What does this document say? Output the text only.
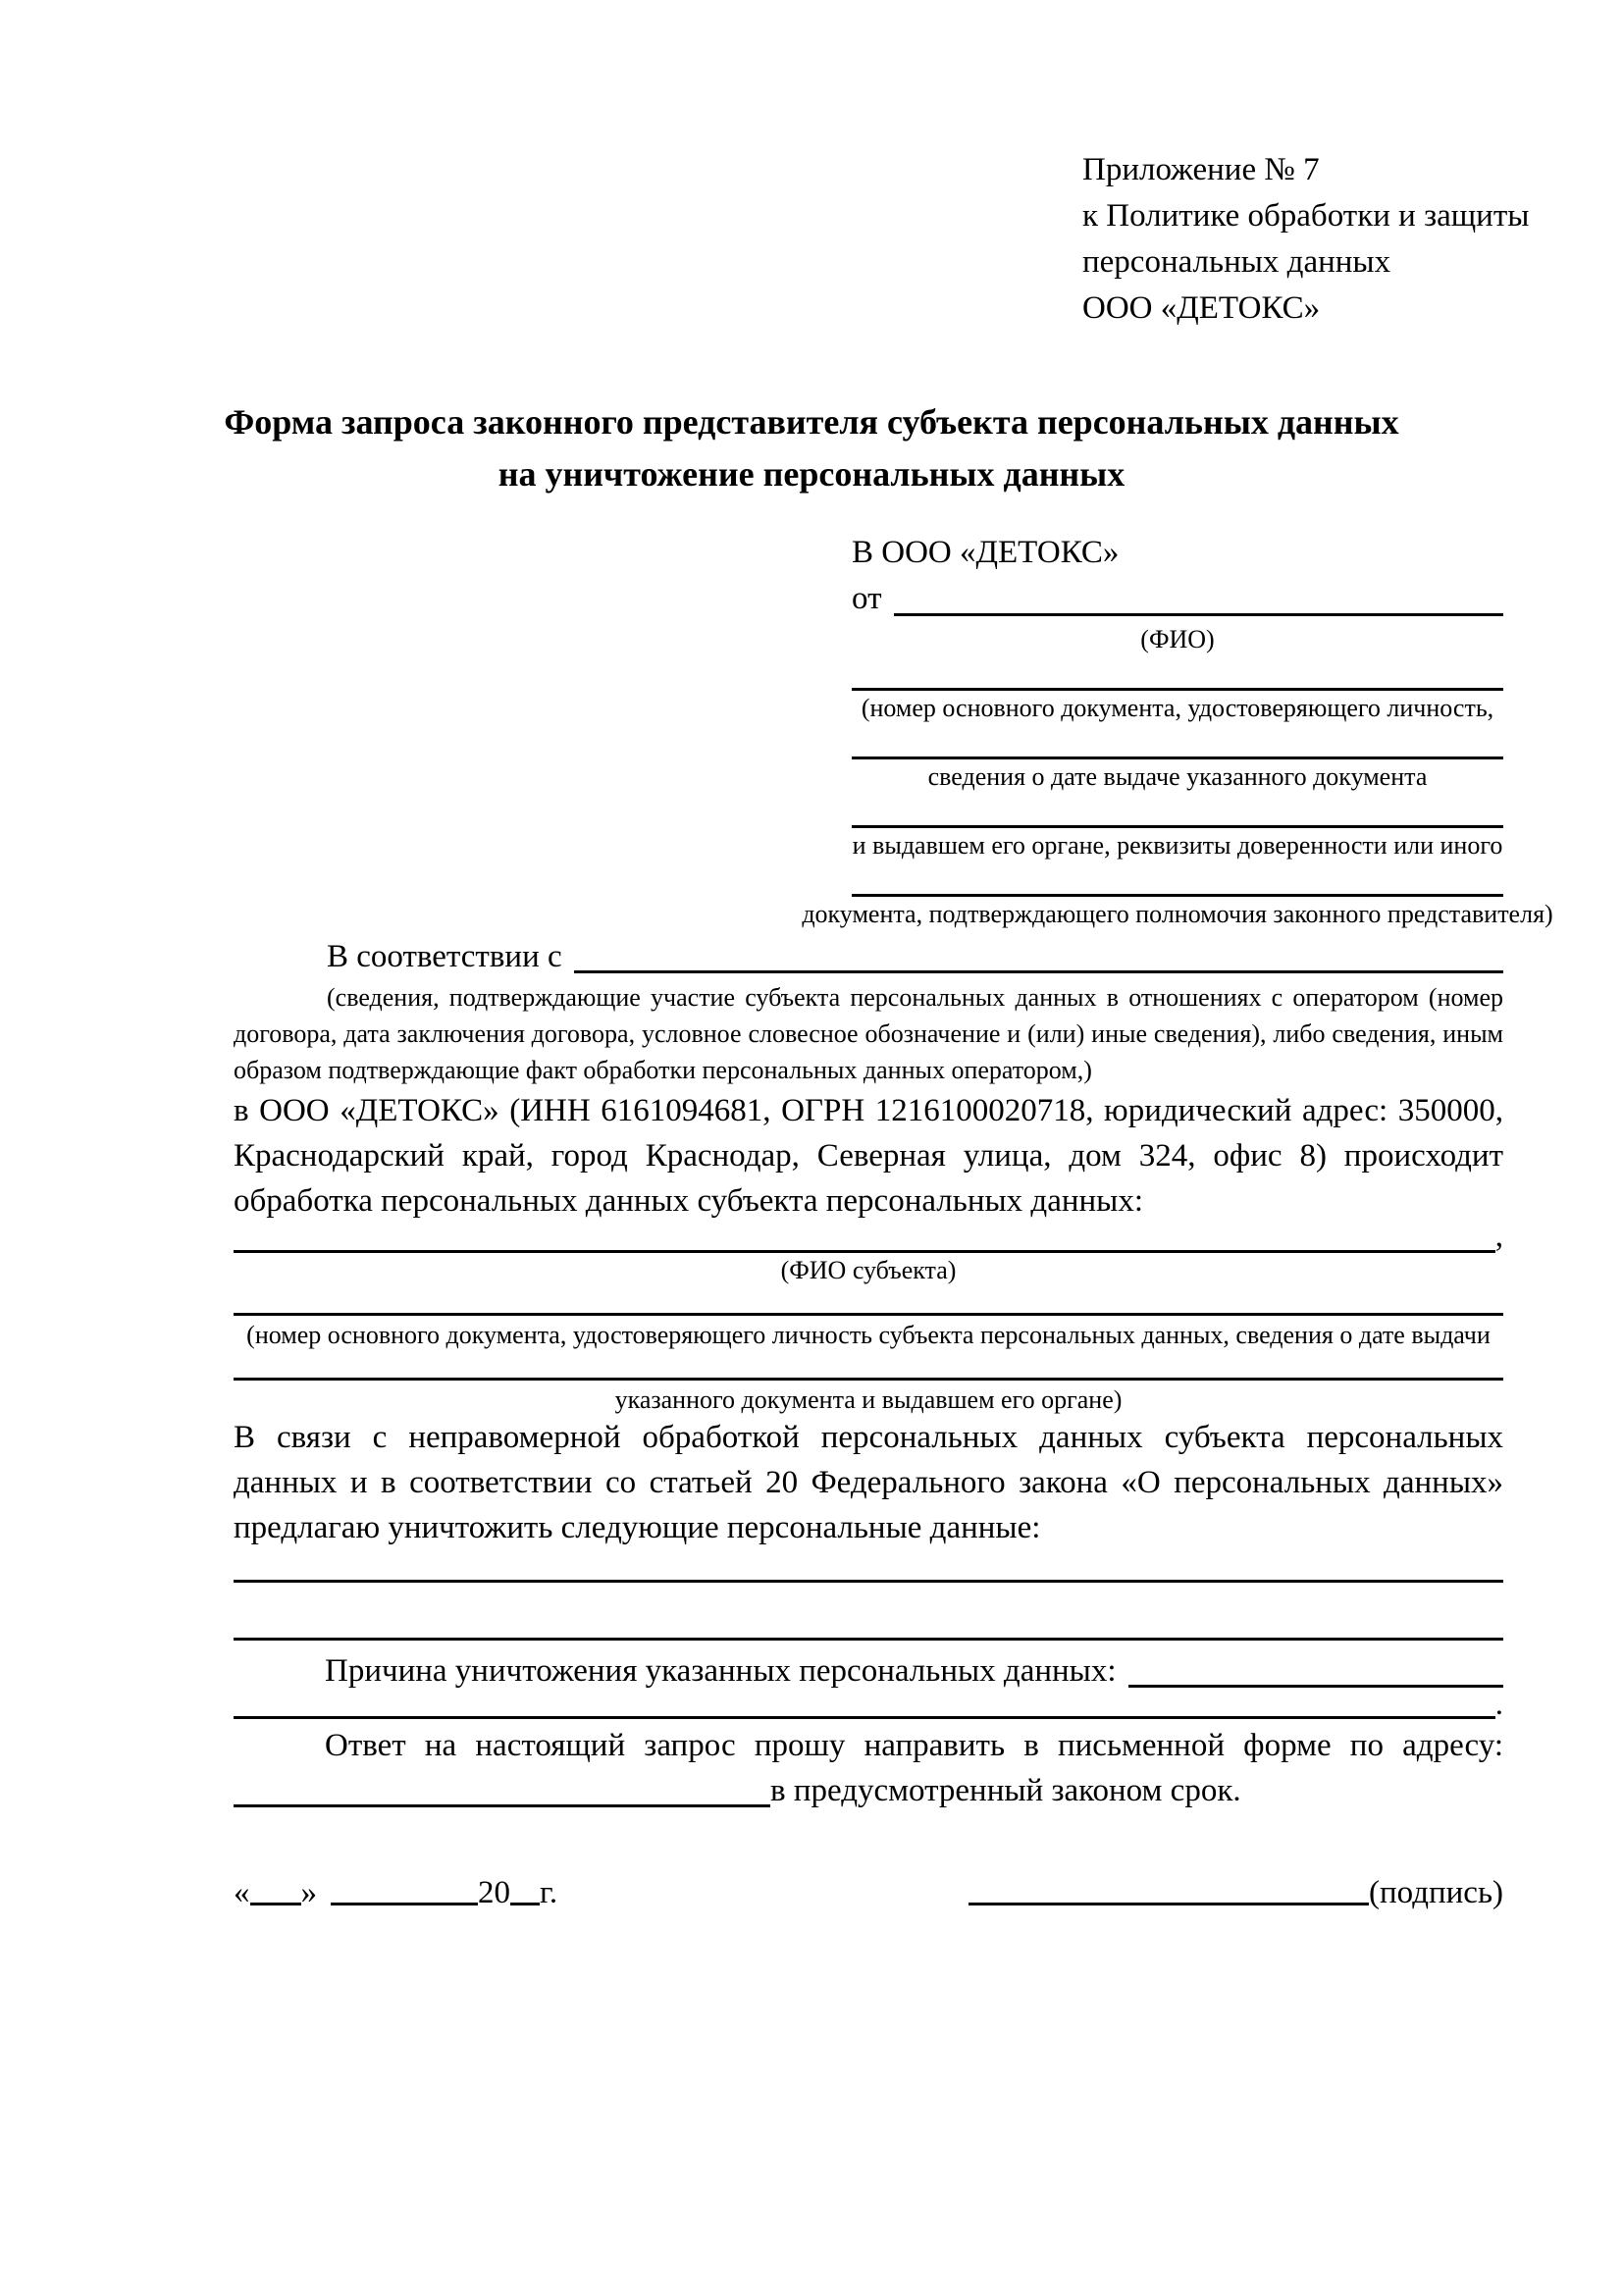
Приложение № 7
к Политике обработки и защиты
персональных данных
ООО «ДЕТОКС»
Форма запроса законного представителя субъекта персональных данных
на уничтожение персональных данных
В ООО «ДЕТОКС»
от
(ФИО)
(номер основного документа, удостоверяющего личность,
сведения о дате выдаче указанного документа
и выдавшем его органе, реквизиты доверенности или иного
документа, подтверждающего полномочия законного представителя)
В соответствии с
(сведения, подтверждающие участие субъекта персональных данных в отношениях с оператором (номер договора, дата заключения договора, условное словесное обозначение и (или) иные сведения), либо сведения, иным образом подтверждающие факт обработки персональных данных оператором,)

в ООО «ДЕТОКС» (ИНН 6161094681, ОГРН 1216100020718, юридический адрес: 350000, Краснодарский край, город Краснодар, Северная улица, дом 324, офис 8) происходит обработка персональных данных субъекта персональных данных:

,
(ФИО субъекта)
(номер основного документа, удостоверяющего личность субъекта персональных данных, сведения о дате выдачи
указанного документа и выдавшем его органе)

В связи с неправомерной обработкой персональных данных субъекта персональных данных и в соответствии со статьей 20 Федерального закона «О персональных данных» предлагаю уничтожить следующие персональные данные:

Причина уничтожения указанных персональных данных:
.
Ответ на настоящий запрос прошу направить в письменной форме по адресу:
в предусмотренный законом срок.
« »	20 г.	(подпись)
